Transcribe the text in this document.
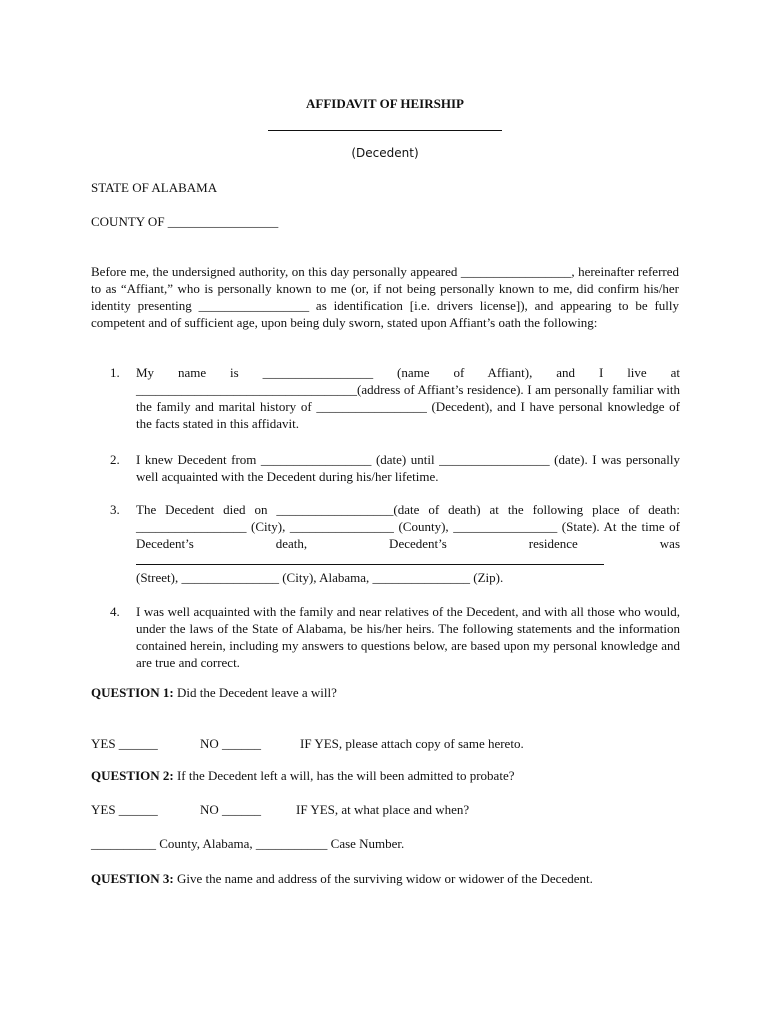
AFFIDAVIT OF HEIRSHIP
(Decedent)
STATE OF ALABAMA
COUNTY OF _________________
Before me, the undersigned authority, on this day personally appeared _________________, hereinafter referred to as “Affiant,” who is personally known to me (or, if not being personally known to me, did confirm his/her identity presenting _________________ as identification [i.e. drivers license]), and appearing to be fully competent and of sufficient age, upon being duly sworn, stated upon Affiant’s oath the following:
1. My name is _________________ (name of Affiant), and I live at __________________________________(address of Affiant’s residence). I am personally familiar with the family and marital history of _________________ (Decedent), and I have personal knowledge of the facts stated in this affidavit.
2. I knew Decedent from _________________ (date) until _________________ (date). I was personally well acquainted with the Decedent during his/her lifetime.
3. The Decedent died on __________________(date of death) at the following place of death: _________________ (City), ________________ (County), ________________ (State). At the time of Decedent’s death, Decedent’s residence was
(Street), _______________ (City), Alabama, _______________ (Zip).
4. I was well acquainted with the family and near relatives of the Decedent, and with all those who would, under the laws of the State of Alabama, be his/her heirs. The following statements and the information contained herein, including my answers to questions below, are based upon my personal knowledge and are true and correct.
QUESTION 1: Did the Decedent leave a will?
YES ______	NO ______	IF YES, please attach copy of same hereto.
QUESTION 2: If the Decedent left a will, has the will been admitted to probate?
YES ______	NO ______	IF YES, at what place and when?
__________ County, Alabama, ___________ Case Number.
QUESTION 3: Give the name and address of the surviving widow or widower of the Decedent.
